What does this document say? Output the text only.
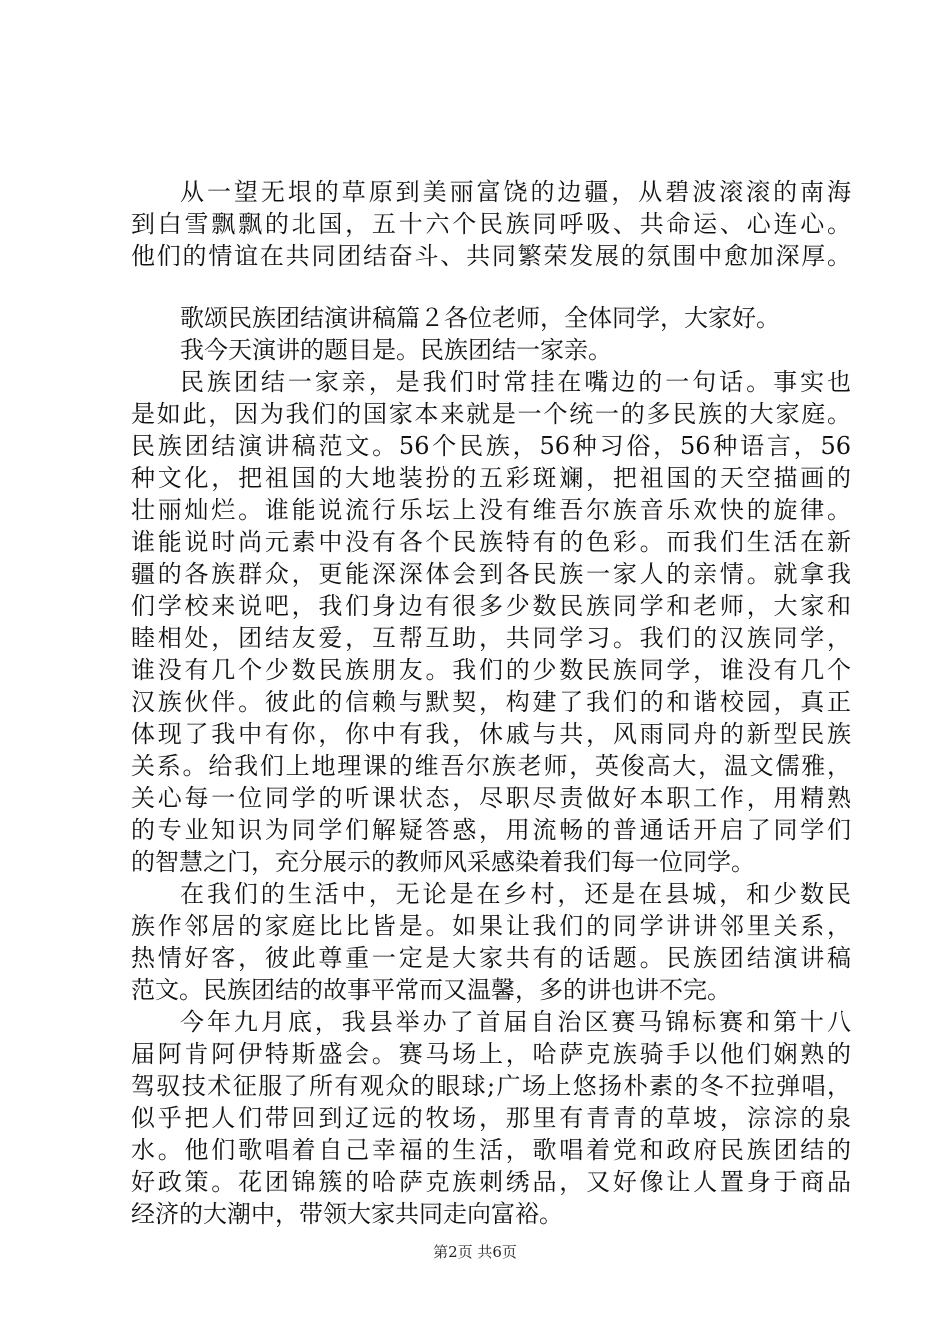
从一望无垠的草原到美丽富饶的边疆，从碧波滚滚的南海
到白雪飘飘的北国，五十六个民族同呼吸、共命运、心连心。
他们的情谊在共同团结奋斗、共同繁荣发展的氛围中愈加深厚。
歌颂民族团结演讲稿篇２各位老师，全体同学，大家好。
我今天演讲的题目是。民族团结一家亲。
民族团结一家亲，是我们时常挂在嘴边的一句话。事实也
是如此，因为我们的国家本来就是一个统一的多民族的大家庭。
民族团结演讲稿范文。56个民族，56种习俗，56种语言，56
种文化，把祖国的大地装扮的五彩斑斓，把祖国的天空描画的
壮丽灿烂。谁能说流行乐坛上没有维吾尔族音乐欢快的旋律。
谁能说时尚元素中没有各个民族特有的色彩。而我们生活在新
疆的各族群众，更能深深体会到各民族一家人的亲情。就拿我
们学校来说吧，我们身边有很多少数民族同学和老师，大家和
睦相处，团结友爱，互帮互助，共同学习。我们的汉族同学，
谁没有几个少数民族朋友。我们的少数民族同学，谁没有几个
汉族伙伴。彼此的信赖与默契，构建了我们的和谐校园，真正
体现了我中有你，你中有我，休戚与共，风雨同舟的新型民族
关系。给我们上地理课的维吾尔族老师，英俊高大，温文儒雅，
关心每一位同学的听课状态，尽职尽责做好本职工作，用精熟
的专业知识为同学们解疑答惑，用流畅的普通话开启了同学们
的智慧之门，充分展示的教师风采感染着我们每一位同学。
在我们的生活中，无论是在乡村，还是在县城，和少数民
族作邻居的家庭比比皆是。如果让我们的同学讲讲邻里关系，
热情好客，彼此尊重一定是大家共有的话题。民族团结演讲稿
范文。民族团结的故事平常而又温馨，多的讲也讲不完。
今年九月底，我县举办了首届自治区赛马锦标赛和第十八
届阿肯阿伊特斯盛会。赛马场上，哈萨克族骑手以他们娴熟的
驾驭技术征服了所有观众的眼球;广场上悠扬朴素的冬不拉弹唱，
似乎把人们带回到辽远的牧场，那里有青青的草坡，淙淙的泉
水。他们歌唱着自己幸福的生活，歌唱着党和政府民族团结的
好政策。花团锦簇的哈萨克族刺绣品，又好像让人置身于商品
经济的大潮中，带领大家共同走向富裕。
第2页 共6页
